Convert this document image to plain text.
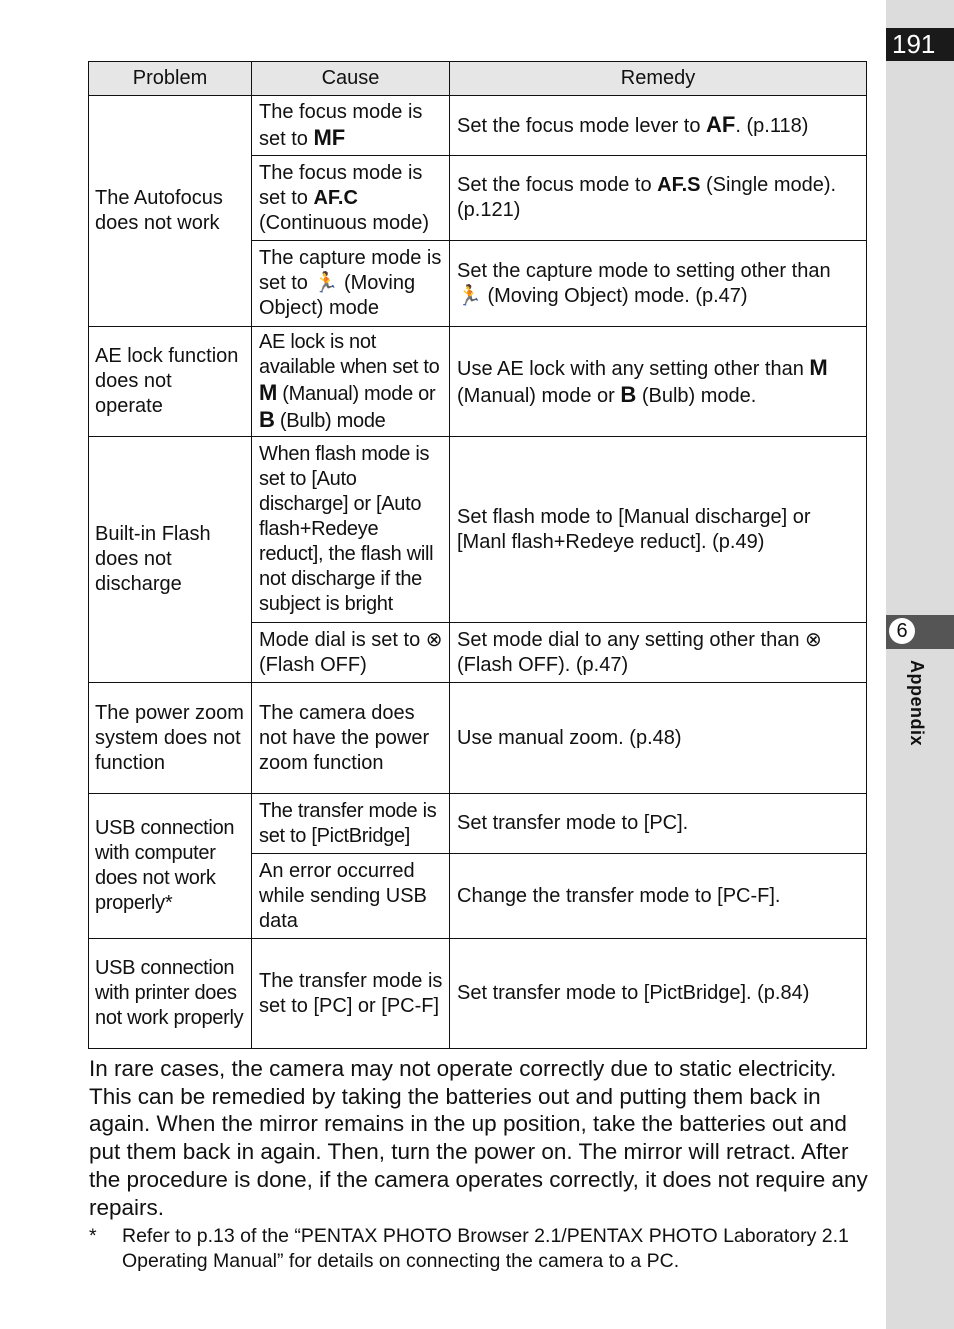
191
6
Appendix
Problem	Cause	Remedy
The Autofocus does not work	The focus mode is set to MF	Set the focus mode lever to AF. (p.118)
	The focus mode is set to AF.C (Continuous mode)	Set the focus mode to AF.S (Single mode). (p.121)
	The capture mode is set to 🏃 (Moving Object) mode	Set the capture mode to setting other than 🏃 (Moving Object) mode. (p.47)
AE lock function does not operate	AE lock is not available when set to M (Manual) mode or B (Bulb) mode	Use AE lock with any setting other than M (Manual) mode or B (Bulb) mode.
Built-in Flash does not discharge	When flash mode is set to [Auto discharge] or [Auto flash+Redeye reduct], the flash will not discharge if the subject is bright	Set flash mode to [Manual discharge] or [Manl flash+Redeye reduct]. (p.49)
	Mode dial is set to ⊗ (Flash OFF)	Set mode dial to any setting other than ⊗ (Flash OFF). (p.47)
The power zoom system does not function	The camera does not have the power zoom function	Use manual zoom. (p.48)
USB connection with computer does not work properly*	The transfer mode is set to [PictBridge]	Set transfer mode to [PC].
	An error occurred while sending USB data	Change the transfer mode to [PC-F].
USB connection with printer does not work properly	The transfer mode is set to [PC] or [PC-F]	Set transfer mode to [PictBridge]. (p.84)
In rare cases, the camera may not operate correctly due to static electricity. This can be remedied by taking the batteries out and putting them back in again. When the mirror remains in the up position, take the batteries out and put them back in again. Then, turn the power on. The mirror will retract. After the procedure is done, if the camera operates correctly, it does not require any repairs.
* Refer to p.13 of the “PENTAX PHOTO Browser 2.1/PENTAX PHOTO Laboratory 2.1 Operating Manual” for details on connecting the camera to a PC.
